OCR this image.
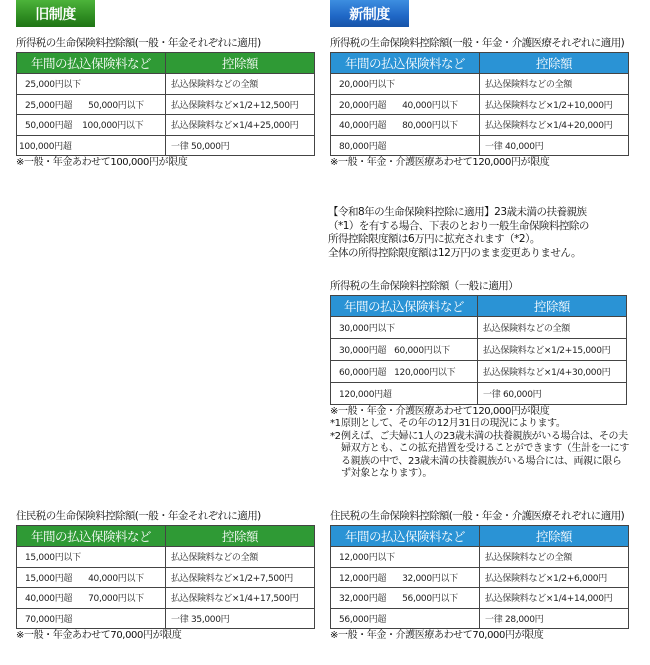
旧制度	新制度
所得税の生命保険料控除額(一般・年金それぞれに適用)
年間の払込保険料など	控除額
25,000円以下	払込保険料などの全額
25,000円超 50,000円以下	払込保険料など×1/2+12,500円
50,000円超 100,000円以下	払込保険料など×1/4+25,000円
100,000円超	一律 50,000円
※一般・年金あわせて100,000円が限度
所得税の生命保険料控除額(一般・年金・介護医療それぞれに適用)
年間の払込保険料など	控除額
20,000円以下	払込保険料などの全額
20,000円超 40,000円以下	払込保険料など×1/2+10,000円
40,000円超 80,000円以下	払込保険料など×1/4+20,000円
80,000円超	一律 40,000円
※一般・年金・介護医療あわせて120,000円が限度
【令和8年の生命保険料控除に適用】23歳未満の扶養親族
（*1）を有する場合、下表のとおり一般生命保険料控除の
所得控除限度額は6万円に拡充されます（*2）。
全体の所得控除限度額は12万円のまま変更ありません。
所得税の生命保険料控除額（一般に適用）
年間の払込保険料など	控除額
30,000円以下	払込保険料などの全額
30,000円超 60,000円以下	払込保険料など×1/2+15,000円
60,000円超 120,000円以下	払込保険料など×1/4+30,000円
120,000円超	一律 60,000円
※一般・年金・介護医療あわせて120,000円が限度
*1 原則として、その年の12月31日の現況によります。
*2 例えば、ご夫婦に1人の23歳未満の扶養親族がいる場合は、その夫婦双方とも、この拡充措置を受けることができます（生計を一にする親族の中で、23歳未満の扶養親族がいる場合には、両親に限らず対象となります）。
住民税の生命保険料控除額(一般・年金それぞれに適用)
年間の払込保険料など	控除額
15,000円以下	払込保険料などの全額
15,000円超 40,000円以下	払込保険料など×1/2+7,500円
40,000円超 70,000円以下	払込保険料など×1/4+17,500円
70,000円超	一律 35,000円
※一般・年金あわせて70,000円が限度
住民税の生命保険料控除額(一般・年金・介護医療それぞれに適用)
年間の払込保険料など	控除額
12,000円以下	払込保険料などの全額
12,000円超 32,000円以下	払込保険料など×1/2+6,000円
32,000円超 56,000円以下	払込保険料など×1/4+14,000円
56,000円超	一律 28,000円
※一般・年金・介護医療あわせて70,000円が限度
